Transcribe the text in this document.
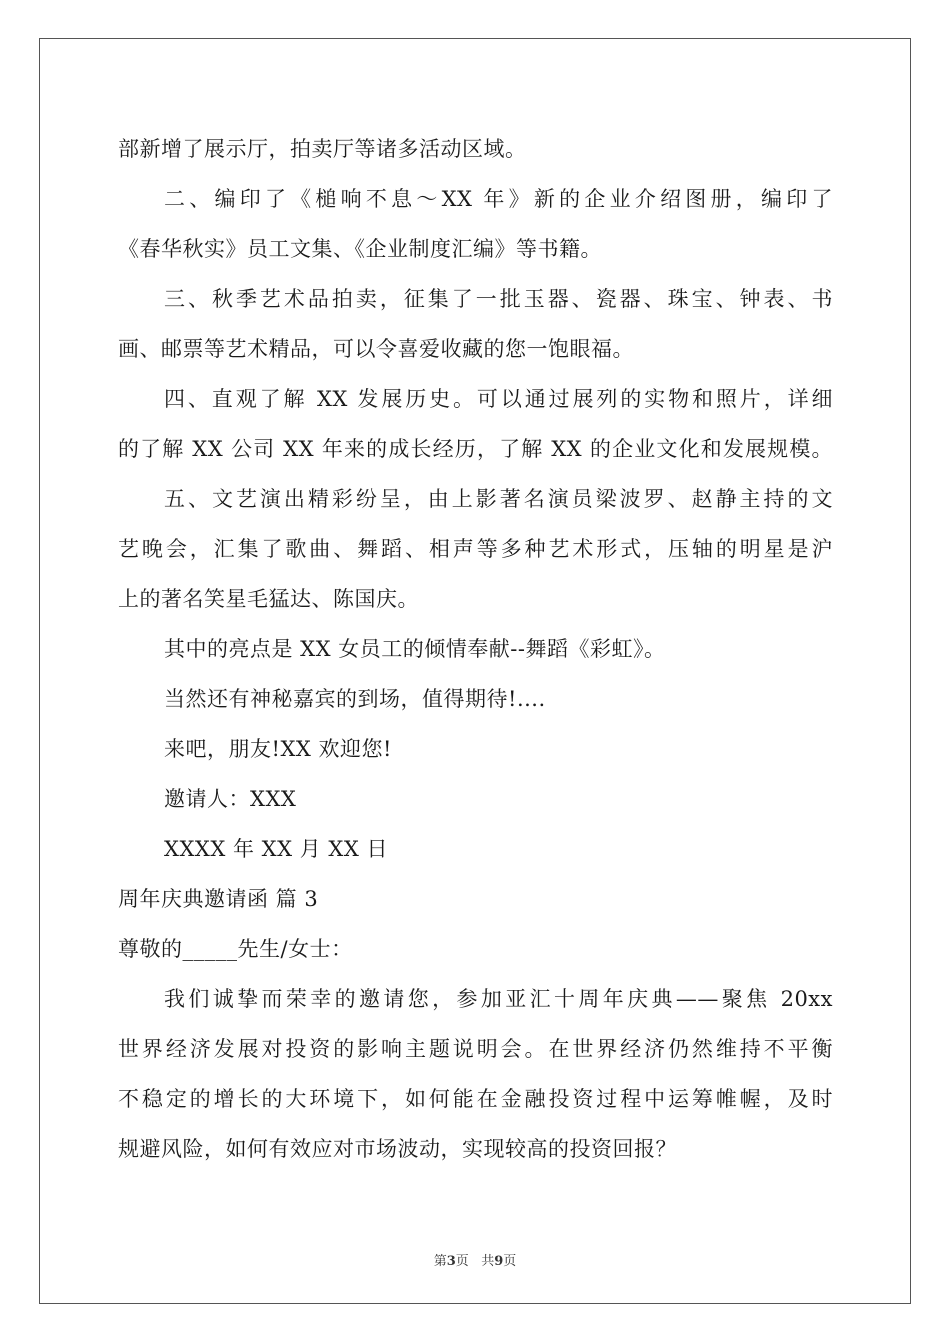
部新增了展示厅，拍卖厅等诸多活动区域。
二、编印了《槌响不息～XX 年》新的企业介绍图册，编印了
《春华秋实》员工文集、《企业制度汇编》等书籍。
三、秋季艺术品拍卖，征集了一批玉器、瓷器、珠宝、钟表、书
画、邮票等艺术精品，可以令喜爱收藏的您一饱眼福。
四、直观了解 XX 发展历史。可以通过展列的实物和照片，详细
的了解 XX 公司 XX 年来的成长经历，了解 XX 的企业文化和发展规模。
五、文艺演出精彩纷呈，由上影著名演员梁波罗、赵静主持的文
艺晚会，汇集了歌曲、舞蹈、相声等多种艺术形式，压轴的明星是沪
上的著名笑星毛猛达、陈国庆。
其中的亮点是 XX 女员工的倾情奉献--舞蹈《彩虹》。
当然还有神秘嘉宾的到场，值得期待!....
来吧，朋友!XX 欢迎您!
邀请人：XXX
XXXX 年 XX 月 XX 日
周年庆典邀请函 篇 3
尊敬的_____先生/女士：
我们诚挚而荣幸的邀请您，参加亚汇十周年庆典——聚焦 20xx
世界经济发展对投资的影响主题说明会。在世界经济仍然维持不平衡
不稳定的增长的大环境下，如何能在金融投资过程中运筹帷幄，及时
规避风险，如何有效应对市场波动，实现较高的投资回报？
第3页 共9页
